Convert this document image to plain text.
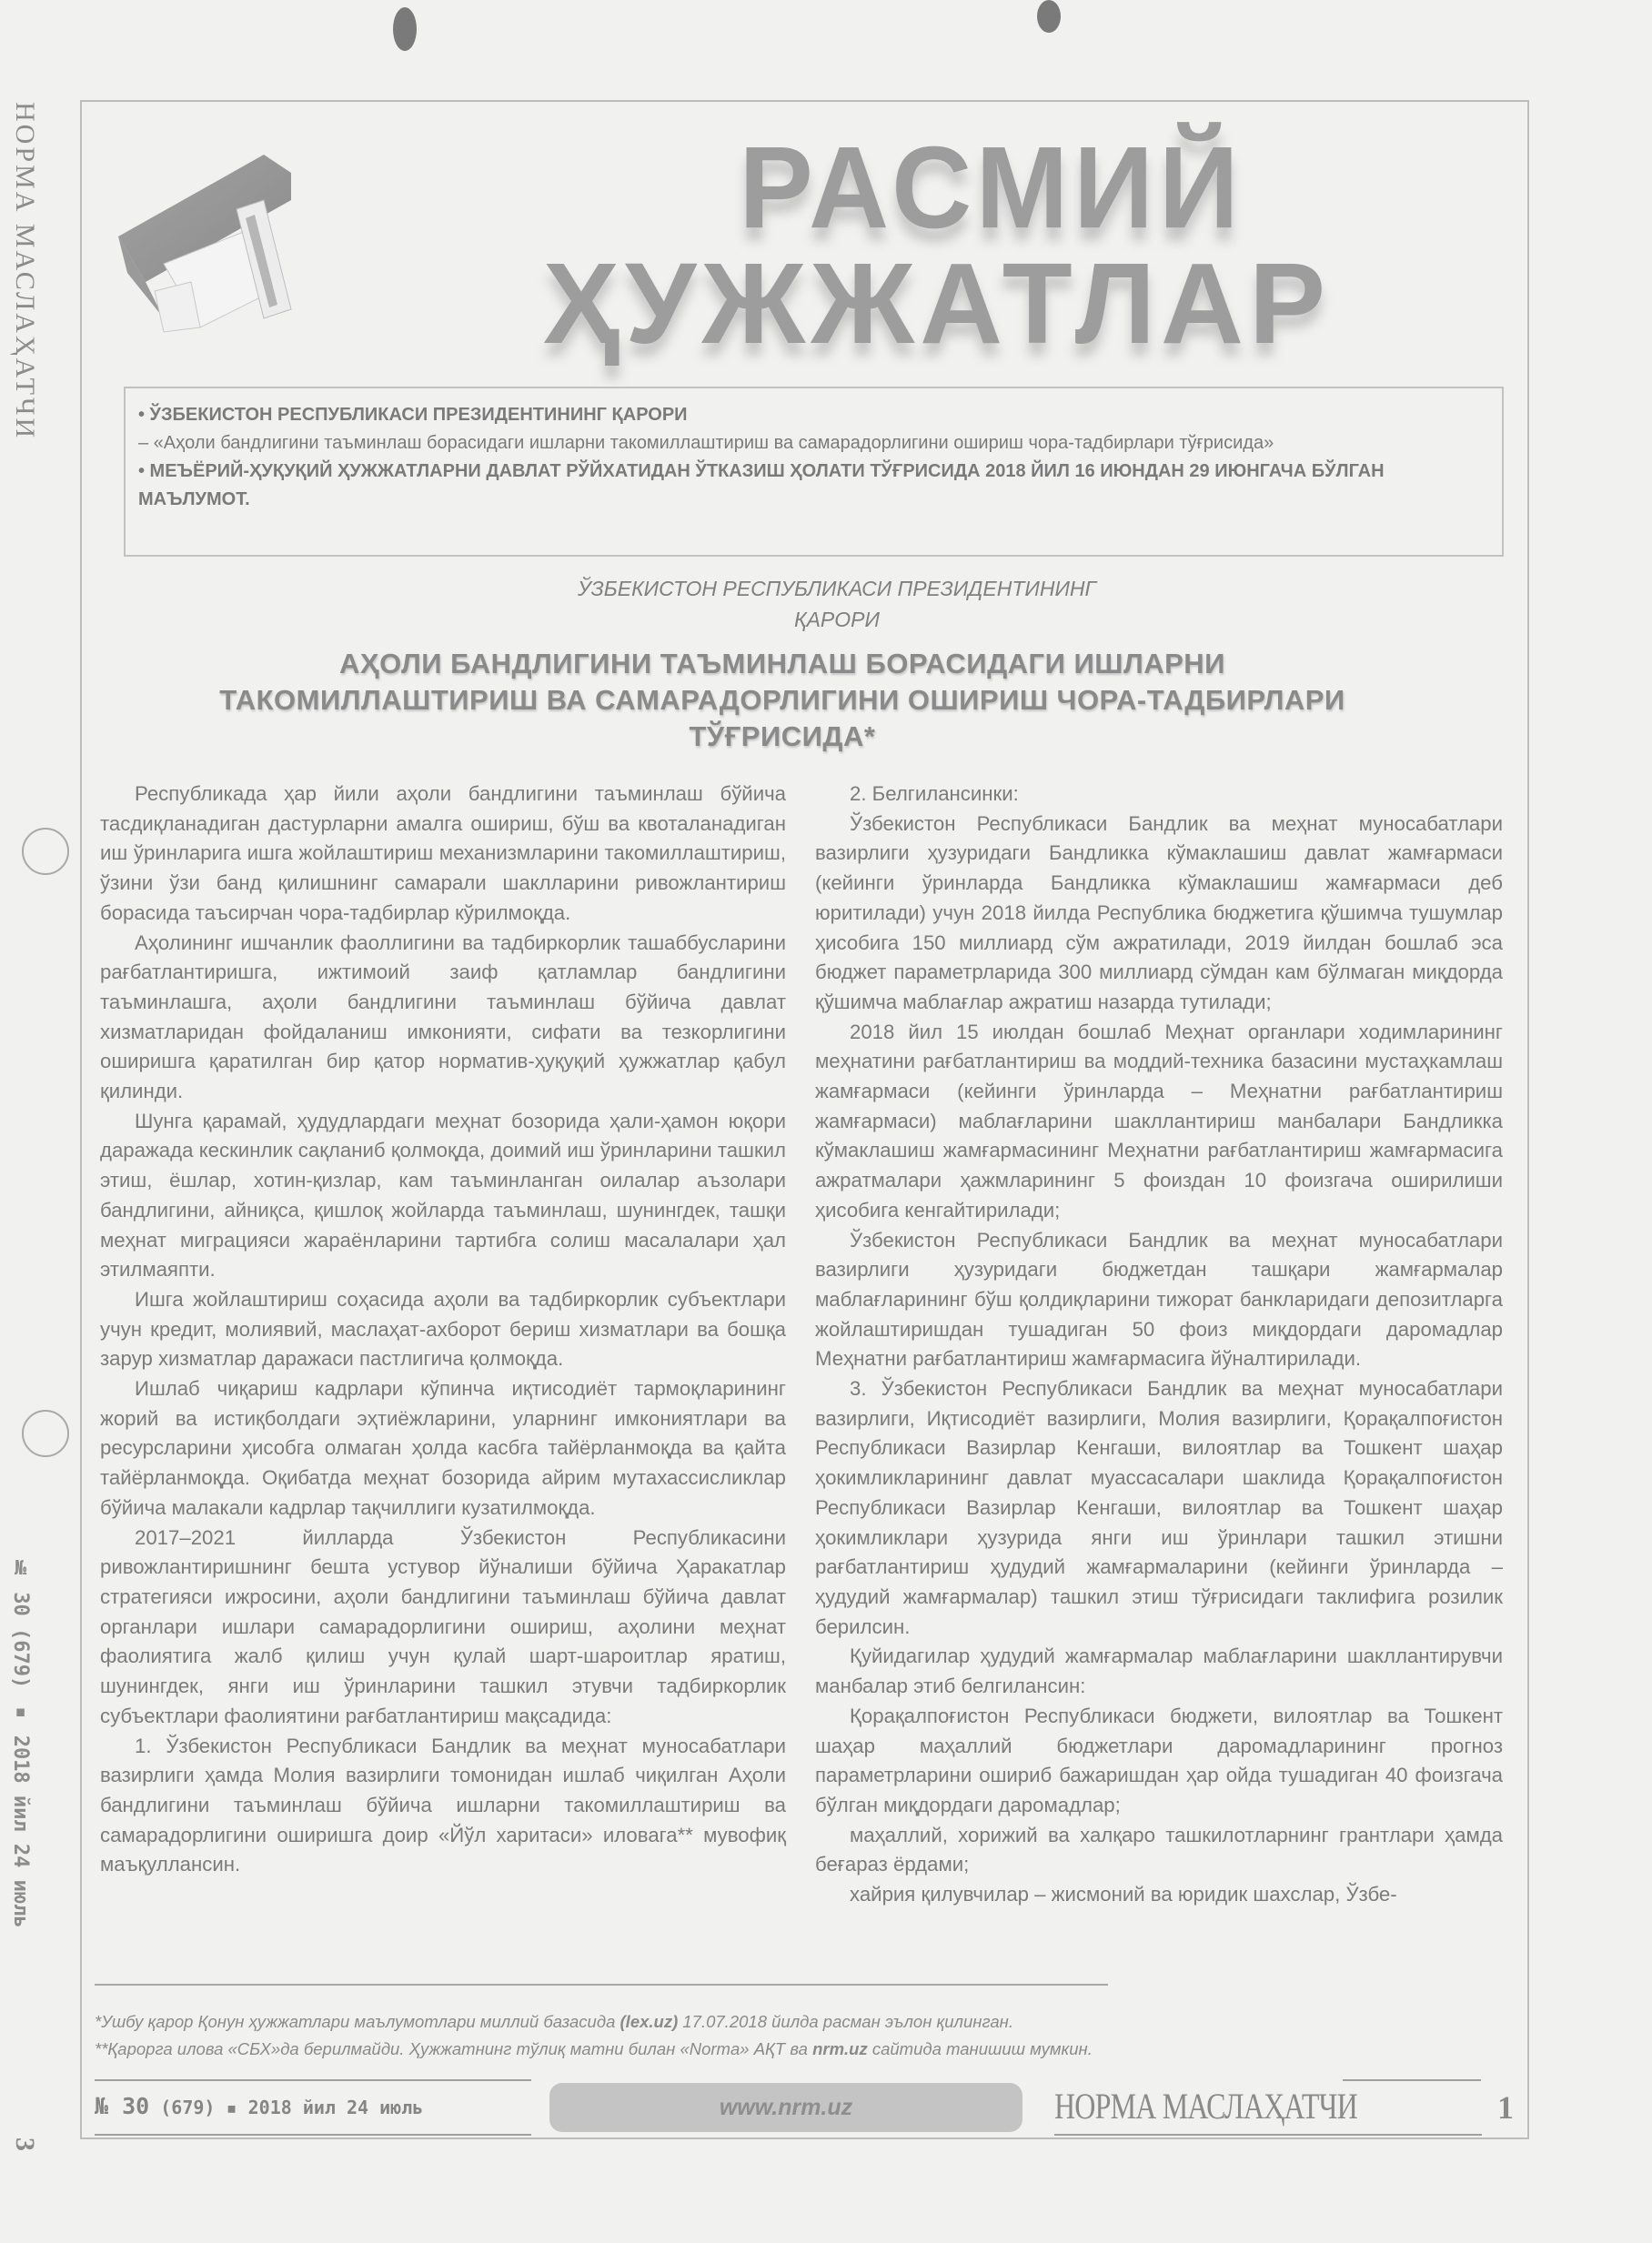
НОРМА МАСЛАҲАТЧИ
№ 30 (679) ▪ 2018 йил 24 июль
3
РАСМИЙ
ҲУЖЖАТЛАР
• ЎЗБЕКИСТОН РЕСПУБЛИКАСИ ПРЕЗИДЕНТИНИНГ ҚАРОРИ
– «Аҳоли бандлигини таъминлаш борасидаги ишларни такомиллаштириш ва самарадорлигини ошириш чора-тадбирлари тўғрисида»
• МЕЪЁРИЙ-ҲУҚУҚИЙ ҲУЖЖАТЛАРНИ ДАВЛАТ РЎЙХАТИДАН ЎТКАЗИШ ҲОЛАТИ ТЎҒРИСИДА 2018 ЙИЛ 16 ИЮНДАН 29 ИЮНГАЧА БЎЛГАН МАЪЛУМОТ.
ЎЗБЕКИСТОН РЕСПУБЛИКАСИ ПРЕЗИДЕНТИНИНГ
ҚАРОРИ
АҲОЛИ БАНДЛИГИНИ ТАЪМИНЛАШ БОРАСИДАГИ ИШЛАРНИ ТАКОМИЛЛАШТИРИШ ВА САМАРАДОРЛИГИНИ ОШИРИШ ЧОРА-ТАДБИРЛАРИ ТЎҒРИСИДА*

Республикада ҳар йили аҳоли бандлигини таъминлаш бўйича тасдиқланадиган дастурларни амалга ошириш, бўш ва квоталанадиган иш ўринларига ишга жойлаштириш механизмларини такомиллаштириш, ўзини ўзи банд қилишнинг самарали шаклларини ривожлантириш борасида таъсирчан чора-тадбирлар кўрилмоқда.

Аҳолининг ишчанлик фаоллигини ва тадбиркорлик ташаббусларини рағбатлантиришга, ижтимоий заиф қатламлар бандлигини таъминлашга, аҳоли бандлигини таъминлаш бўйича давлат хизматларидан фойдаланиш имконияти, сифати ва тезкорлигини оширишга қаратилган бир қатор норматив-ҳуқуқий ҳужжатлар қабул қилинди.

Шунга қарамай, ҳудудлардаги меҳнат бозорида ҳали-ҳамон юқори даражада кескинлик сақланиб қолмоқда, доимий иш ўринларини ташкил этиш, ёшлар, хотин-қизлар, кам таъминланган оилалар аъзолари бандлигини, айниқса, қишлоқ жойларда таъминлаш, шунингдек, ташқи меҳнат миграцияси жараёнларини тартибга солиш масалалари ҳал этилмаяпти.

Ишга жойлаштириш соҳасида аҳоли ва тадбиркорлик субъектлари учун кредит, молиявий, маслаҳат-ахборот бериш хизматлари ва бошқа зарур хизматлар даражаси пастлигича қолмоқда.

Ишлаб чиқариш кадрлари кўпинча иқтисодиёт тармоқларининг жорий ва истиқболдаги эҳтиёжларини, уларнинг имкониятлари ва ресурсларини ҳисобга олмаган ҳолда касбга тайёрланмоқда ва қайта тайёрланмоқда. Оқибатда меҳнат бозорида айрим мутахассисликлар бўйича малакали кадрлар тақчиллиги кузатилмоқда.

2017–2021 йилларда Ўзбекистон Республикасини ривожлантиришнинг бешта устувор йўналиши бўйича Ҳаракатлар стратегияси ижросини, аҳоли бандлигини таъминлаш бўйича давлат органлари ишлари самарадорлигини ошириш, аҳолини меҳнат фаолиятига жалб қилиш учун қулай шарт-шароитлар яратиш, шунингдек, янги иш ўринларини ташкил этувчи тадбиркорлик субъектлари фаолиятини рағбатлантириш мақсадида:

1. Ўзбекистон Республикаси Бандлик ва меҳнат муносабатлари вазирлиги ҳамда Молия вазирлиги томонидан ишлаб чиқилган Аҳоли бандлигини таъминлаш бўйича ишларни такомиллаштириш ва самарадорлигини оширишга доир «Йўл харитаси» иловага** мувофиқ маъқуллансин.

2. Белгилансинки:

Ўзбекистон Республикаси Бандлик ва меҳнат муносабатлари вазирлиги ҳузуридаги Бандликка кўмаклашиш давлат жамғармаси (кейинги ўринларда Бандликка кўмаклашиш жамғармаси деб юритилади) учун 2018 йилда Республика бюджетига қўшимча тушумлар ҳисобига 150 миллиард сўм ажратилади, 2019 йилдан бошлаб эса бюджет параметрларида 300 миллиард сўмдан кам бўлмаган миқдорда қўшимча маблағлар ажратиш назарда тутилади;

2018 йил 15 июлдан бошлаб Меҳнат органлари ходимларининг меҳнатини рағбатлантириш ва моддий-техника базасини мустаҳкамлаш жамғармаси (кейинги ўринларда – Меҳнатни рағбатлантириш жамғармаси) маблағларини шакллантириш манбалари Бандликка кўмаклашиш жамғармасининг Меҳнатни рағбатлантириш жамғармасига ажратмалари ҳажмларининг 5 фоиздан 10 фоизгача оширилиши ҳисобига кенгайтирилади;

Ўзбекистон Республикаси Бандлик ва меҳнат муносабатлари вазирлиги ҳузуридаги бюджетдан ташқари жамғармалар маблағларининг бўш қолдиқларини тижорат банкларидаги депозитларга жойлаштиришдан тушадиган 50 фоиз миқдордаги даромадлар Меҳнатни рағбатлантириш жамғармасига йўналтирилади.

3. Ўзбекистон Республикаси Бандлик ва меҳнат муносабатлари вазирлиги, Иқтисодиёт вазирлиги, Молия вазирлиги, Қорақалпоғистон Республикаси Вазирлар Кенгаши, вилоятлар ва Тошкент шаҳар ҳокимликларининг давлат муассасалари шаклида Қорақалпоғистон Республикаси Вазирлар Кенгаши, вилоятлар ва Тошкент шаҳар ҳокимликлари ҳузурида янги иш ўринлари ташкил этишни рағбатлантириш ҳудудий жамғармаларини (кейинги ўринларда – ҳудудий жамғармалар) ташкил этиш тўғрисидаги таклифига розилик берилсин.

Қуйидагилар ҳудудий жамғармалар маблағларини шакллантирувчи манбалар этиб белгилансин:

Қорақалпоғистон Республикаси бюджети, вилоятлар ва Тошкент шаҳар маҳаллий бюджетлари даромадларининг прогноз параметрларини ошириб бажаришдан ҳар ойда тушадиган 40 фоизгача бўлган миқдордаги даромадлар;

маҳаллий, хорижий ва халқаро ташкилотларнинг грантлари ҳамда беғараз ёрдами;

хайрия қилувчилар – жисмоний ва юридик шахслар, Ўзбе-

*Ушбу қарор Қонун ҳужжатлари маълумотлари миллий базасида (lex.uz) 17.07.2018 йилда расман эълон қилинган.
**Қарорга илова «СБХ»да берилмайди. Ҳужжатнинг тўлиқ матни билан «Norma» АҚТ ва nrm.uz сайтида танишиш мумкин.
№ 30 (679) ▪ 2018 йил 24 июль	www.nrm.uz	НОРМА МАСЛАҲАТЧИ	1
